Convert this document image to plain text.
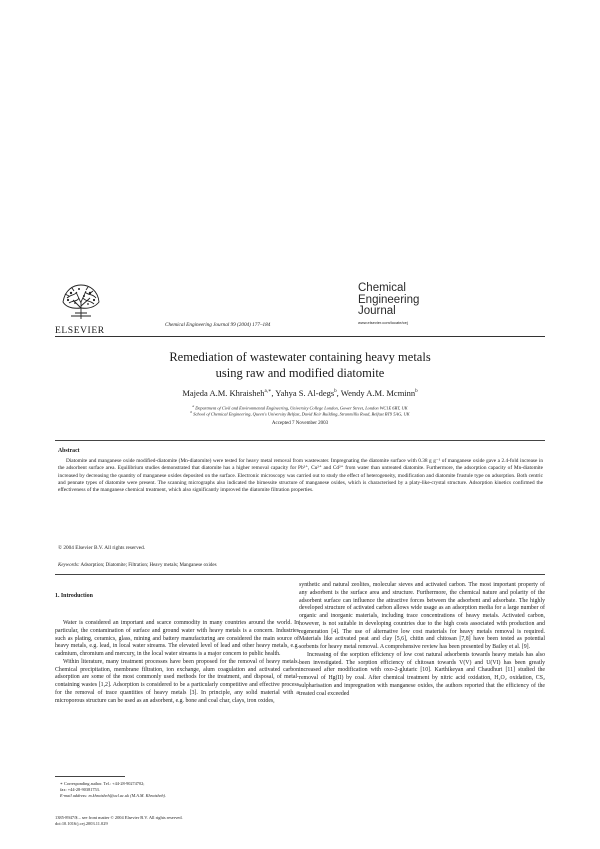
ELSEVIER
Chemical Engineering Journal 99 (2004) 177–184
Chemical
Engineering
Journal
www.elsevier.com/locate/cej
Remediation of wastewater containing heavy metals
using raw and modified diatomite
Majeda A.M. Khraisheh$^{a,∗}$, Yahya S. Al-degs$^b$, Wendy A.M. Mcminn$^b$
$^a$ Department of Civil and Environmental Engineering, University College London, Gower Street, London WC1E 6BT, UK
$^b$ School of Chemical Engineering, Queen's University Belfast, David Keir Building, Stranmillis Road, Belfast BT9 5AG, UK
Accepted 7 November 2003
Abstract
Diatomite and manganese oxide modified-diatomite (Mn-diatomite) were tested for heavy metal removal from wastewater. Impregnating the diatomite surface with 0.38 g g⁻¹ of manganese oxide gave a 2.4-fold increase in the adsorbent surface area. Equilibrium studies demonstrated that diatomite has a higher removal capacity for Pb²⁺, Cu²⁺ and Cd²⁺ from water than untreated diatomite. Furthermore, the adsorption capacity of Mn-diatomite increased by decreasing the quantity of manganese oxides deposited on the surface. Electronic microscopy was carried out to study the effect of heterogeneity, modification and diatomite frustule type on adsorption. Both centric and pennate types of diatomite were present. The scanning micrographs also indicated the birnessite structure of manganese oxides, which is characterised by a platy-like-crystal structure. Adsorption kinetics confirmed the effectiveness of the manganese chemical treatment, which also significantly improved the diatomite filtration properties.
© 2004 Elsevier B.V. All rights reserved.
Keywords: Adsorption; Diatomite; Filtration; Heavy metals; Manganese oxides
1. Introduction

Water is considered an important and scarce commodity in many countries around the world. In particular, the contamination of surface and ground water with heavy metals is a concern. Industries such as plating, ceramics, glass, mining and battery manufacturing are considered the main source of heavy metals, e.g. lead, in local water streams. The elevated level of lead and other heavy metals, e.g. cadmium, chromium and mercury, in the local water streams is a major concern to public health.

Within literature, many treatment processes have been proposed for the removal of heavy metals. Chemical precipitation, membrane filtration, ion exchange, alum coagulation and activated carbon adsorption are some of the most commonly used methods for the treatment, and disposal, of metal-containing wastes [1,2]. Adsorption is considered to be a particularly competitive and effective process for the removal of trace quantities of heavy metals [3]. In principle, any solid material with a microporous structure can be used as an adsorbent, e.g. bone and coal char, clays, iron oxides,

synthetic and natural zeolites, molecular sieves and activated carbon. The most important property of any adsorbent is the surface area and structure. Furthermore, the chemical nature and polarity of the adsorbent surface can influence the attractive forces between the adsorbent and adsorbate. The highly developed structure of activated carbon allows wide usage as an adsorption media for a large number of organic and inorganic materials, including trace concentrations of heavy metals. Activated carbon, however, is not suitable in developing countries due to the high costs associated with production and regeneration [4]. The use of alternative low cost materials for heavy metals removal is required. Materials like activated peat and clay [5,6], chitin and chitosan [7,8] have been tested as potential sorbents for heavy metal removal. A comprehensive review has been presented by Bailey et al. [9].

Increasing of the sorption efficiency of low cost natural adsorbents towards heavy metals has also been investigated. The sorption efficiency of chitosan towards V(V) and U(VI) has been greatly increased after modification with oxo-2-glutaric [10]. Karthikeyan and Chaudhuri [11] studied the removal of Hg(II) by coal. After chemical treatment by nitric acid oxidation, H₂O₂ oxidation, CS₂ sulpharisation and impregnation with manganese oxides, the authors reported that the efficiency of the treated coal exceeded

∗ Corresponding author. Tel.: +44-28-90274702;
fax: +44-28-90381753.
E-mail address: m.khraisheh@ucl.ac.uk (M.A.M. Khraisheh).
1385-8947/$ – see front matter © 2004 Elsevier B.V. All rights reserved.
doi:10.1016/j.cej.2003.11.029
